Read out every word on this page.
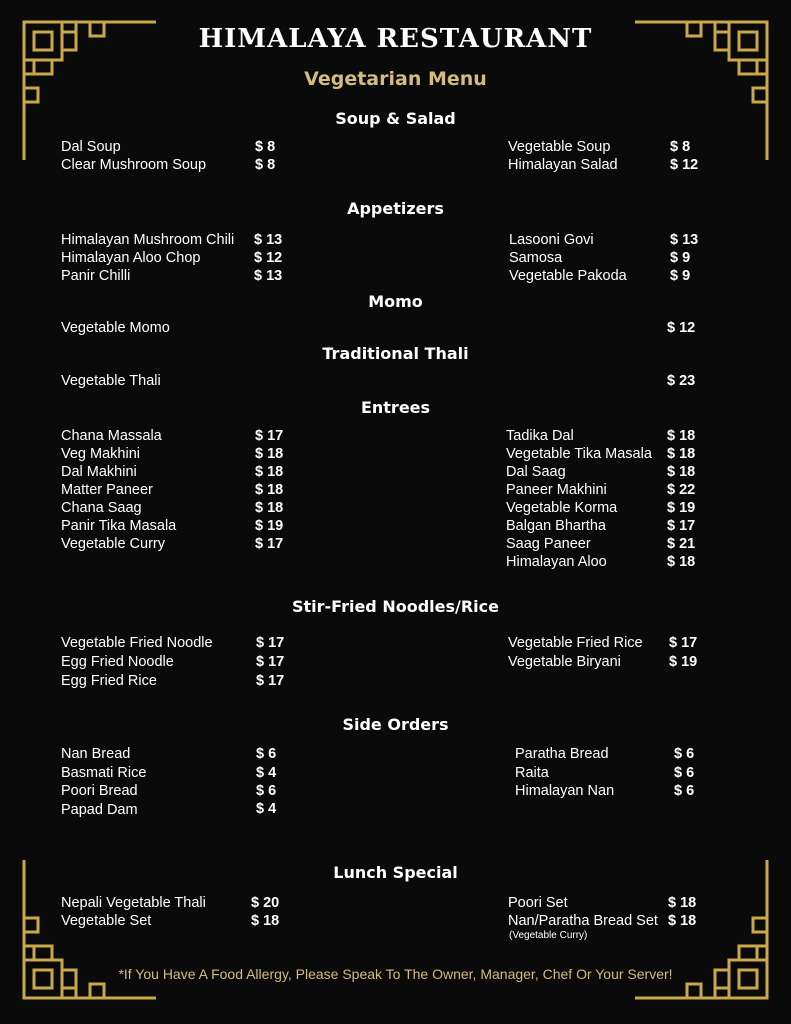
HIMALAYA RESTAURANT
Vegetarian Menu
Soup & Salad
Dal Soup	$ 8
Clear Mushroom Soup	$ 8
Vegetable Soup	$ 8
Himalayan Salad	$ 12
Appetizers
Himalayan Mushroom Chili $ 13
Himalayan Aloo Chop	$ 12
Panir Chilli	$ 13
Lasooni Govi	$ 13
Samosa	$ 9
Vegetable Pakoda	$ 9
Momo
Vegetable Momo	$ 12
Traditional Thali
Vegetable Thali	$ 23
Entrees
Chana Massala	$ 17
Veg Makhini	$ 18
Dal Makhini	$ 18
Matter Paneer	$ 18
Chana Saag	$ 18
Panir Tika Masala	$ 19
Vegetable Curry	$ 17
Tadika Dal	$ 18
Vegetable Tika Masala $ 18
Dal Saag	$ 18
Paneer Makhini	$ 22
Vegetable Korma	$ 19
Balgan Bhartha	$ 17
Saag Paneer	$ 21
Himalayan Aloo	$ 18
Stir-Fried Noodles/Rice
Vegetable Fried Noodle	$ 17
Egg Fried Noodle	$ 17
Egg Fried Rice	$ 17
Vegetable Fried Rice $ 17
Vegetable Biryani	$ 19
Side Orders
Nan Bread	$ 6
Basmati Rice	$ 4
Poori Bread	$ 6
Papad Dam	$ 4
Paratha Bread	$ 6
Raita	$ 6
Himalayan Nan	$ 6
Lunch Special
Nepali Vegetable Thali	$ 20
Vegetable Set	$ 18
Poori Set	$ 18
Nan/Paratha Bread Set $ 18
(Vegetable Curry)
*If You Have A Food Allergy, Please Speak To The Owner, Manager, Chef Or Your Server!
